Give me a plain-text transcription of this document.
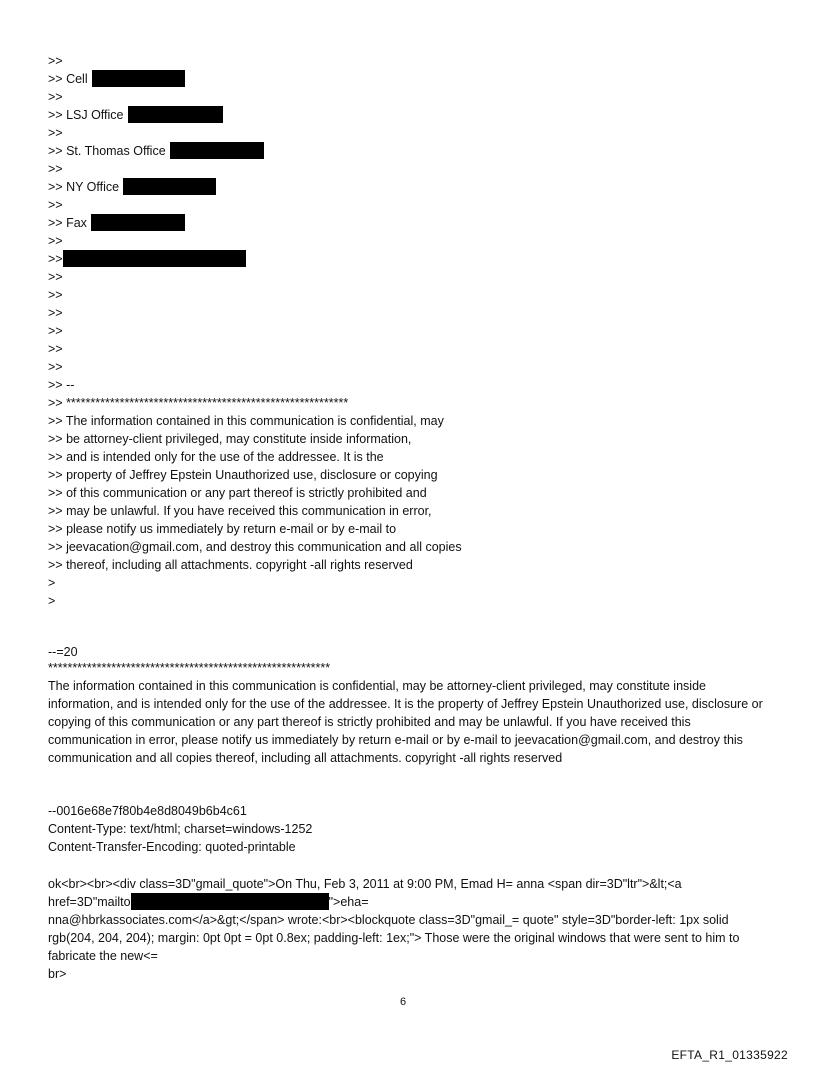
>>
>> Cell
>>
>> LSJ Office
>>
>> St. Thomas Office
>>
>> NY Office
>>
>> Fax
>>
>>
>>
>>
>>
>>
>>
>>
>> --
>> **********************************************************
>> The information contained in this communication is confidential, may
>> be attorney-client privileged, may constitute inside information,
>> and is intended only for the use of the addressee. It is the
>> property of Jeffrey Epstein Unauthorized use, disclosure or copying
>> of this communication or any part thereof is strictly prohibited and
>> may be unlawful. If you have received this communication in error,
>> please notify us immediately by return e-mail or by e-mail to
>> jeevacation@gmail.com, and destroy this communication and all copies
>> thereof, including all attachments. copyright -all rights reserved
>
>
--=20
**********************************************************
The information contained in this communication is confidential, may be attorney-client privileged, may constitute inside information, and is intended only for the use of the addressee. It is the property of Jeffrey Epstein Unauthorized use, disclosure or copying of this communication or any part thereof is strictly prohibited and may be unlawful. If you have received this communication in error, please notify us immediately by return e-mail or by e-mail to jeevacation@gmail.com, and destroy this communication and all copies thereof, including all attachments. copyright -all rights reserved
--0016e68e7f80b4e8d8049b6b4c61
Content-Type: text/html; charset=windows-1252
Content-Transfer-Encoding: quoted-printable
ok<br><br><div class=3D"gmail_quote">On Thu, Feb 3, 2011 at 9:00 PM, Emad H= anna <span dir=3D"ltr">&lt;<a
href=3D"mailto	">eha=
nna@hbrkassociates.com</a>&gt;</span> wrote:<br><blockquote class=3D"gmail_= quote" style=3D"border-left: 1px solid rgb(204, 204, 204); margin: 0pt 0pt = 0pt 0.8ex; padding-left: 1ex;"> Those were the original windows that were sent to him to fabricate the new<=
br>
6
EFTA_R1_01335922
